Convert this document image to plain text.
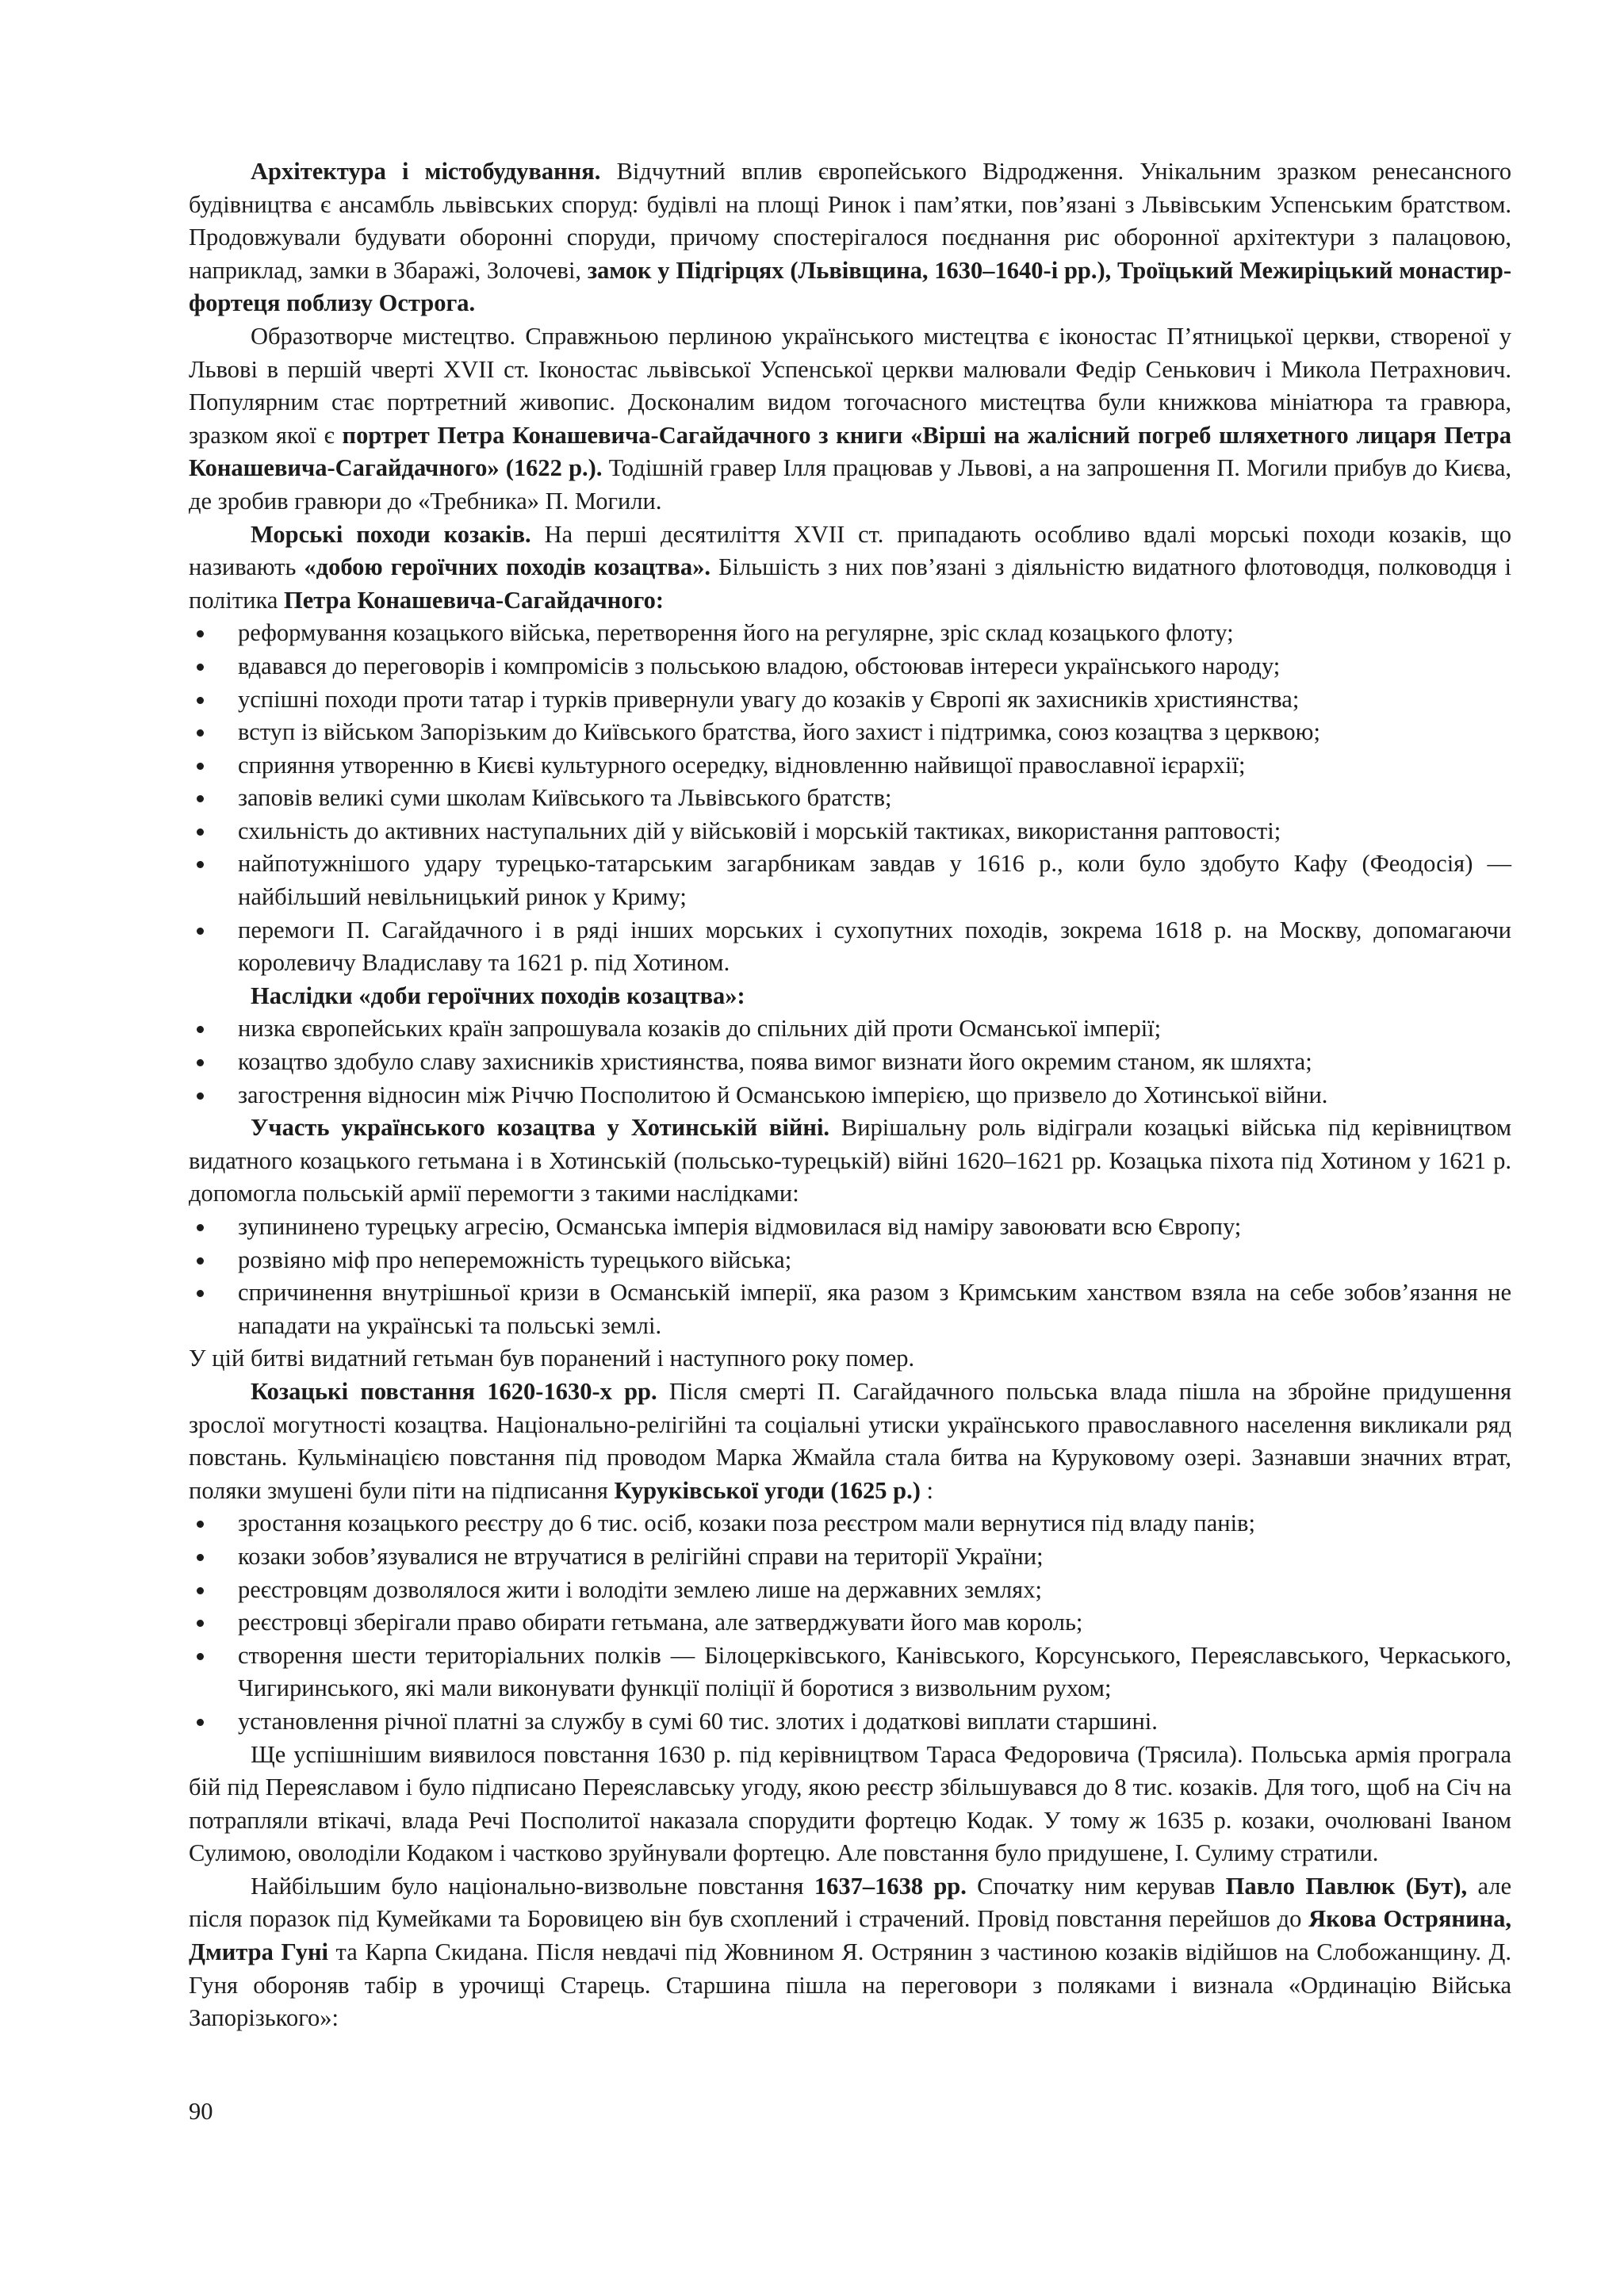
Архітектура і містобудування. Відчутний вплив європейського Відродження. Унікальним зразком ренесансного будівництва є ансамбль львівських споруд: будівлі на площі Ринок і пам’ятки, пов’язані з Львівським Успенським братством. Продовжували будувати оборонні споруди, причому спостерігалося поєднання рис оборонної архітектури з палацовою, наприклад, замки в Збаражі, Золочеві, замок у Підгірцях (Львівщина, 1630–1640-і рр.), Троїцький Межиріцький монастир-фортеця поблизу Острога.

Образотворче мистецтво. Справжньою перлиною українського мистецтва є іконостас П’ятницької церкви, створеної у Львові в першій чверті XVII ст. Іконостас львівської Успенської церкви малювали Федір Сенькович і Микола Петрахнович. Популярним стає портретний живопис. Досконалим видом тогочасного мистецтва були книжкова мініатюра та гравюра, зразком якої є портрет Петра Конашевича-Сагайдачного з книги «Вірші на жалісний погреб шляхетного лицаря Петра Конашевича-Сагайдачного» (1622 р.). Тодішній гравер Ілля працював у Львові, а на запрошення П. Могили прибув до Києва, де зробив гравюри до «Требника» П. Могили.

Морські походи козаків. На перші десятиліття XVII ст. припадають особливо вдалі морські походи козаків, що називають «добою героїчних походів козацтва». Більшість з них пов’язані з діяльністю видатного флотоводця, полководця і політика Петра Конашевича-Сагайдачного:

реформування козацького війська, перетворення його на регулярне, зріс склад козацького флоту;
вдавався до переговорів і компромісів з польською владою, обстоював інтереси українського народу;
успішні походи проти татар і турків привернули увагу до козаків у Європі як захисників християнства;
вступ із військом Запорізьким до Київського братства, його захист і підтримка, союз козацтва з церквою;
сприяння утворенню в Києві культурного осередку, відновленню найвищої православної ієрархії;
заповів великі суми школам Київського та Львівського братств;
схильність до активних наступальних дій у військовій і морській тактиках, використання раптовості;
найпотужнішого удару турецько-татарським загарбникам завдав у 1616 р., коли було здобуто Кафу (Феодосія) — найбільший невільницький ринок у Криму;
перемоги П. Сагайдачного і в ряді інших морських і сухопутних походів, зокрема 1618 р. на Москву, допомагаючи королевичу Владиславу та 1621 р. під Хотином.

Наслідки «доби героїчних походів козацтва»:

низка європейських країн запрошувала козаків до спільних дій проти Османської імперії;
козацтво здобуло славу захисників християнства, поява вимог визнати його окремим станом, як шляхта;
загострення відносин між Річчю Посполитою й Османською імперією, що призвело до Хотинської війни.

Участь українського козацтва у Хотинській війні. Вирішальну роль відіграли козацькі війська під керівництвом видатного козацького гетьмана і в Хотинській (польсько-турецькій) війні 1620–1621 рр. Козацька піхота під Хотином у 1621 р. допомогла польській армії перемогти з такими наслідками:

зупининено турецьку агресію, Османська імперія відмовилася від наміру завоювати всю Європу;
розвіяно міф про непереможність турецького війська;
спричинення внутрішньої кризи в Османській імперії, яка разом з Кримським ханством взяла на себе зобов’язання не нападати на українські та польські землі.

У цій битві видатний гетьман був поранений і наступного року помер.

Козацькі повстання 1620-1630-х рр. Після смерті П. Сагайдачного польська влада пішла на збройне придушення зрослої могутності козацтва. Національно-релігійні та соціальні утиски українського православного населення викликали ряд повстань. Кульмінацією повстання під проводом Марка Жмайла стала битва на Куруковому озері. Зазнавши значних втрат, поляки змушені були піти на підписання Куруківської угоди (1625 р.) :

зростання козацького реєстру до 6 тис. осіб, козаки поза реєстром мали вернутися під владу панів;
козаки зобов’язувалися не втручатися в релігійні справи на території України;
реєстровцям дозволялося жити і володіти землею лише на державних землях;
реєстровці зберігали право обирати гетьмана, але затверджувати його мав король;
створення шести територіальних полків — Білоцерківського, Канівського, Корсунського, Переяславського, Черкаського, Чигиринського, які мали виконувати функції поліції й боротися з визвольним рухом;
установлення річної платні за службу в сумі 60 тис. злотих і додаткові виплати старшині.

Ще успішнішим виявилося повстання 1630 р. під керівництвом Тараса Федоровича (Трясила). Польська армія програла бій під Переяславом і було підписано Переяславську угоду, якою реєстр збільшувався до 8 тис. козаків. Для того, щоб на Січ на потрапляли втікачі, влада Речі Посполитої наказала спорудити фортецю Кодак. У тому ж 1635 р. козаки, очолювані Іваном Сулимою, оволоділи Кодаком і частково зруйнували фортецю. Але повстання було придушене, І. Сулиму стратили.

Найбільшим було національно-визвольне повстання 1637–1638 рр. Спочатку ним керував Павло Павлюк (Бут), але після поразок під Кумейками та Боровицею він був схоплений і страчений. Провід повстання перейшов до Якова Острянина, Дмитра Гуні та Карпа Скидана. Після невдачі під Жовнином Я. Острянин з частиною козаків відійшов на Слобожанщину. Д. Гуня обороняв табір в урочищі Старець. Старшина пішла на переговори з поляками і визнала «Ординацію Війська Запорізького»:

90
